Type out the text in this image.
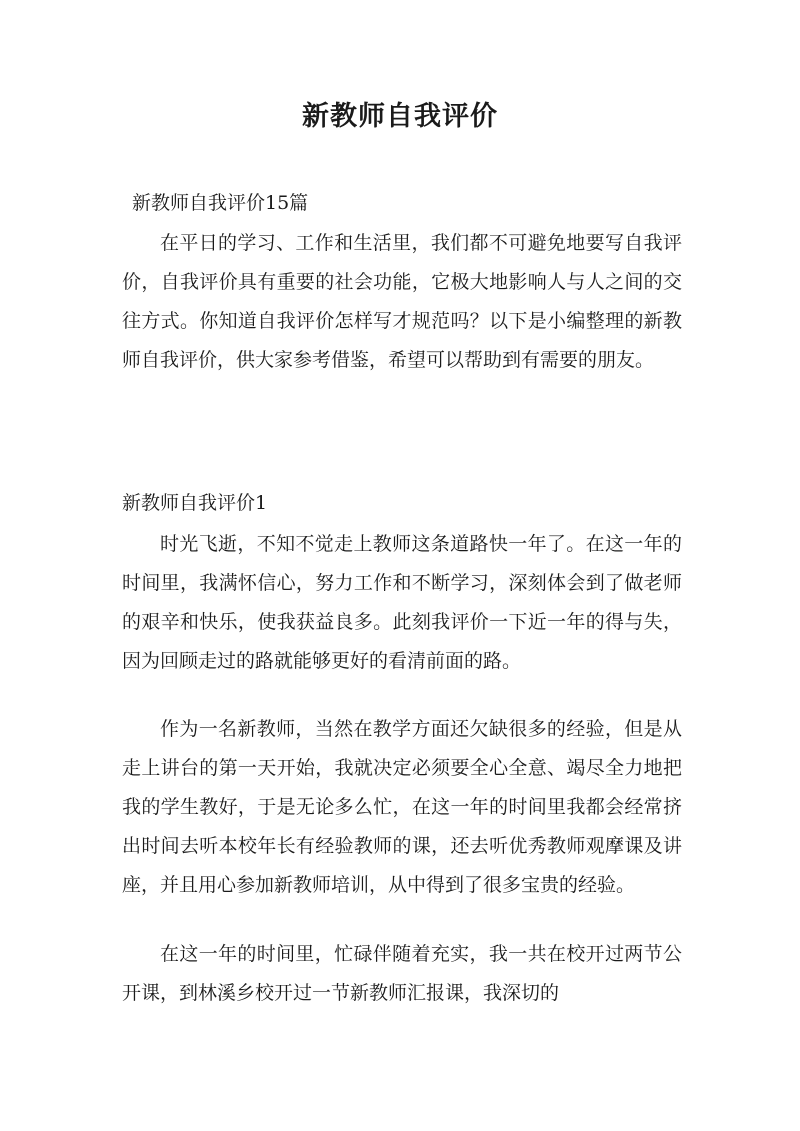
新教师自我评价
新教师自我评价15篇

在平日的学习、工作和生活里，我们都不可避免地要写自我评价，自我评价具有重要的社会功能，它极大地影响人与人之间的交往方式。你知道自我评价怎样写才规范吗？以下是小编整理的新教师自我评价，供大家参考借鉴，希望可以帮助到有需要的朋友。

新教师自我评价1

时光飞逝，不知不觉走上教师这条道路快一年了。在这一年的时间里，我满怀信心，努力工作和不断学习，深刻体会到了做老师的艰辛和快乐，使我获益良多。此刻我评价一下近一年的得与失，因为回顾走过的路就能够更好的看清前面的路。

作为一名新教师，当然在教学方面还欠缺很多的经验，但是从走上讲台的第一天开始，我就决定必须要全心全意、竭尽全力地把我的学生教好，于是无论多么忙，在这一年的时间里我都会经常挤出时间去听本校年长有经验教师的课，还去听优秀教师观摩课及讲座，并且用心参加新教师培训，从中得到了很多宝贵的经验。

在这一年的时间里，忙碌伴随着充实，我一共在校开过两节公开课，到林溪乡校开过一节新教师汇报课，我深切的
